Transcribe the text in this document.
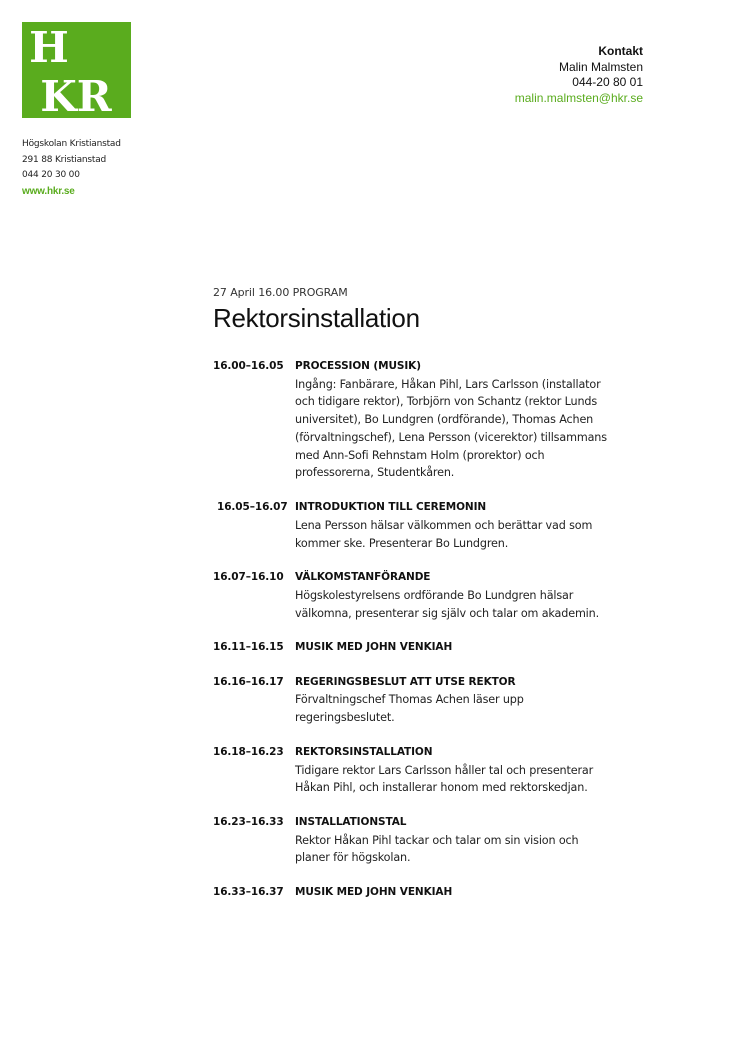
H
KR
Högskolan Kristianstad
291 88 Kristianstad
044 20 30 00
www.hkr.se
Kontakt
Malin Malmsten
044-20 80 01
malin.malmsten@hkr.se
27 April 16.00 PROGRAM
Rektorsinstallation
16.00–16.05 PROCESSION (MUSIK)
Ingång: Fanbärare, Håkan Pihl, Lars Carlsson (installator
och tidigare rektor), Torbjörn von Schantz (rektor Lunds
universitet), Bo Lundgren (ordförande), Thomas Achen
(förvaltningschef), Lena Persson (vicerektor) tillsammans
med Ann-Sofi Rehnstam Holm (prorektor) och
professorerna, Studentkåren.
16.05–16.07 INTRODUKTION TILL CEREMONIN
Lena Persson hälsar välkommen och berättar vad som
kommer ske. Presenterar Bo Lundgren.
16.07–16.10 VÄLKOMSTANFÖRANDE
Högskolestyrelsens ordförande Bo Lundgren hälsar
välkomna, presenterar sig själv och talar om akademin.
16.11–16.15 MUSIK MED JOHN VENKIAH
16.16–16.17 REGERINGSBESLUT ATT UTSE REKTOR
Förvaltningschef Thomas Achen läser upp
regeringsbeslutet.
16.18–16.23 REKTORSINSTALLATION
Tidigare rektor Lars Carlsson håller tal och presenterar
Håkan Pihl, och installerar honom med rektorskedjan.
16.23–16.33 INSTALLATIONSTAL
Rektor Håkan Pihl tackar och talar om sin vision och
planer för högskolan.
16.33–16.37 MUSIK MED JOHN VENKIAH
